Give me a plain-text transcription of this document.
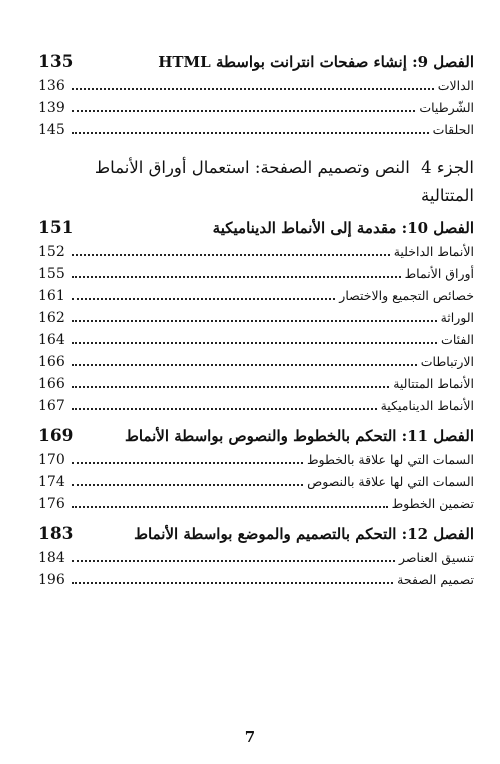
135	الفصل 9: إنشاء صفحات انترانت بواسطة HTML
136	الدالات
139	الشّرطيات
145	الحلقات
الجزء 4 النص وتصميم الصفحة: استعمال أوراق الأنماط المتتالية
151	الفصل 10: مقدمة إلى الأنماط الديناميكية
152	الأنماط الداخلية
155	أوراق الأنماط
161	خصائص التجميع والاختصار
162	الوراثة
164	الفئات
166	الارتباطات
166	الأنماط المتتالية
167	الأنماط الديناميكية
169	الفصل 11: التحكم بالخطوط والنصوص بواسطة الأنماط
170	السمات التي لها علاقة بالخطوط
174	السمات التي لها علاقة بالنصوص
176	تضمين الخطوط
183	الفصل 12: التحكم بالتصميم والموضع بواسطة الأنماط
184	تنسيق العناصر
196	تصميم الصفحة
7
